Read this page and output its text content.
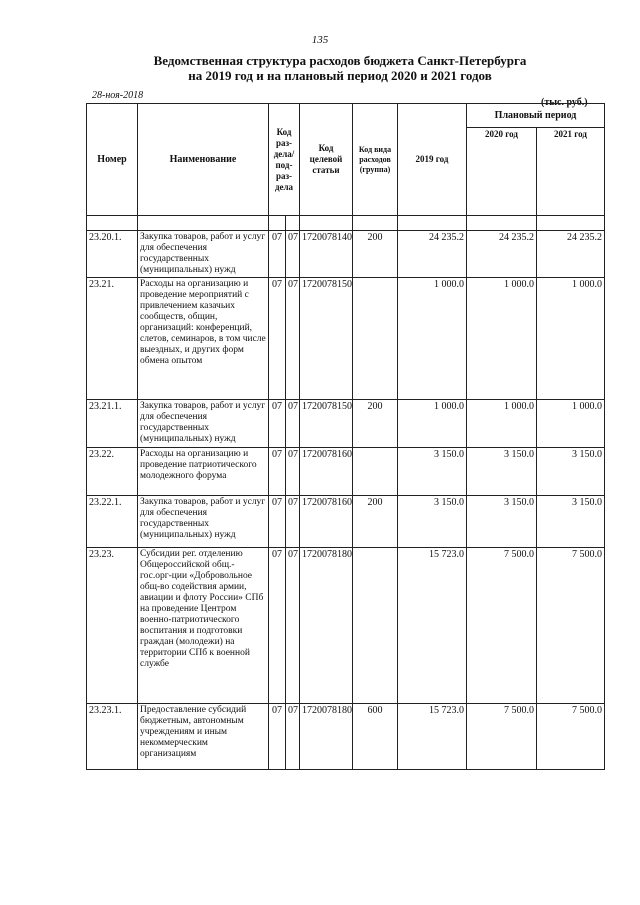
135
Ведомственная структура расходов бюджета Санкт-Петербурга
на 2019 год и на плановый период 2020 и 2021 годов
28-ноя-2018
(тыс. руб.)
Номер	Наименование	Код раз- дела/ под- раз- дела		Код целевой статьи	Код вида расходов (группа)	2019 год	Плановый период	
							2020 год	2021 год

23.20.1.	Закупка товаров, работ и услуг для обеспечения государственных (муниципальных) нужд	07	07	1720078140	200	24 235.2	24 235.2	24 235.2
23.21.	Расходы на организацию и проведение мероприятий с привлечением казачьих сообществ, общин, организаций: конференций, слетов, семинаров, в том числе выездных, и других форм обмена опытом	07	07	1720078150		1 000.0	1 000.0	1 000.0
23.21.1.	Закупка товаров, работ и услуг для обеспечения государственных (муниципальных) нужд	07	07	1720078150	200	1 000.0	1 000.0	1 000.0
23.22.	Расходы на организацию и проведение патриотического молодежного форума	07	07	1720078160		3 150.0	3 150.0	3 150.0
23.22.1.	Закупка товаров, работ и услуг для обеспечения государственных (муниципальных) нужд	07	07	1720078160	200	3 150.0	3 150.0	3 150.0
23.23.	Субсидии рег. отделению Общероссийской общ.-гос.орг-ции «Добровольное общ-во содействия армии, авиации и флоту России» СПб на проведение Центром военно-патриотического воспитания и подготовки граждан (молодежи) на территории СПб к военной службе	07	07	1720078180		15 723.0	7 500.0	7 500.0
23.23.1.	Предоставление субсидий бюджетным, автономным учреждениям и иным некоммерческим организациям	07	07	1720078180	600	15 723.0	7 500.0	7 500.0
